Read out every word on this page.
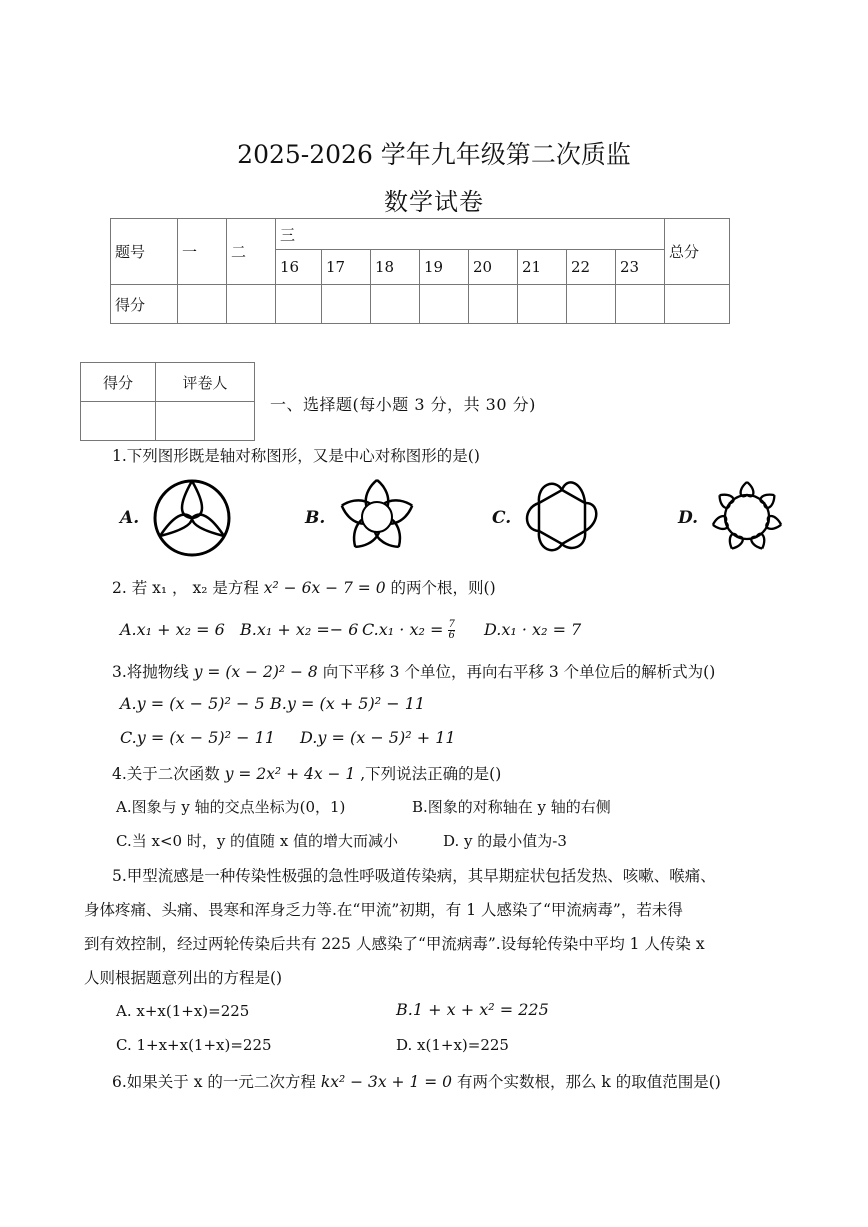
2025-2026 学年九年级第二次质监
数学试卷
题号	一	二	三								总分
			16	17	18	19	20	21	22	23	
得分											
得分	评卷人

一、选择题(每小题 3 分，共 30 分)
1.下列图形既是轴对称图形，又是中心对称图形的是()
A.	B.	C.	D.
2. 若 x₁ ， x₂ 是方程 x² − 6x − 7 = 0 的两个根，则()
A.x₁ + x₂ = 6 B.x₁ + x₂ =− 6 $C.x_1 \cdot x_2 = \frac{7}{6} D.x_1 \cdot x_2 = 7$
3.将抛物线 y = (x − 2)² − 8 向下平移 3 个单位，再向右平移 3 个单位后的解析式为()
A.y = (x − 5)² − 5 B.y = (x + 5)² − 11
C.y = (x − 5)² − 11 D.y = (x − 5)² + 11
4.关于二次函数 y = 2x² + 4x − 1 ,下列说法正确的是()
A.图象与 y 轴的交点坐标为(0，1)	B.图象的对称轴在 y 轴的右侧
C.当 x<0 时，y 的值随 x 值的增大而减小	D. y 的最小值为-3
5.甲型流感是一种传染性极强的急性呼吸道传染病，其早期症状包括发热、咳嗽、喉痛、
身体疼痛、头痛、畏寒和浑身乏力等.在“甲流”初期，有 1 人感染了“甲流病毒”，若未得
到有效控制，经过两轮传染后共有 225 人感染了“甲流病毒”.设每轮传染中平均 1 人传染 x
人则根据题意列出的方程是()
A. x+x(1+x)=225	B.1 + x + x² = 225
C. 1+x+x(1+x)=225	D. x(1+x)=225
6.如果关于 x 的一元二次方程 kx² − 3x + 1 = 0 有两个实数根，那么 k 的取值范围是()
